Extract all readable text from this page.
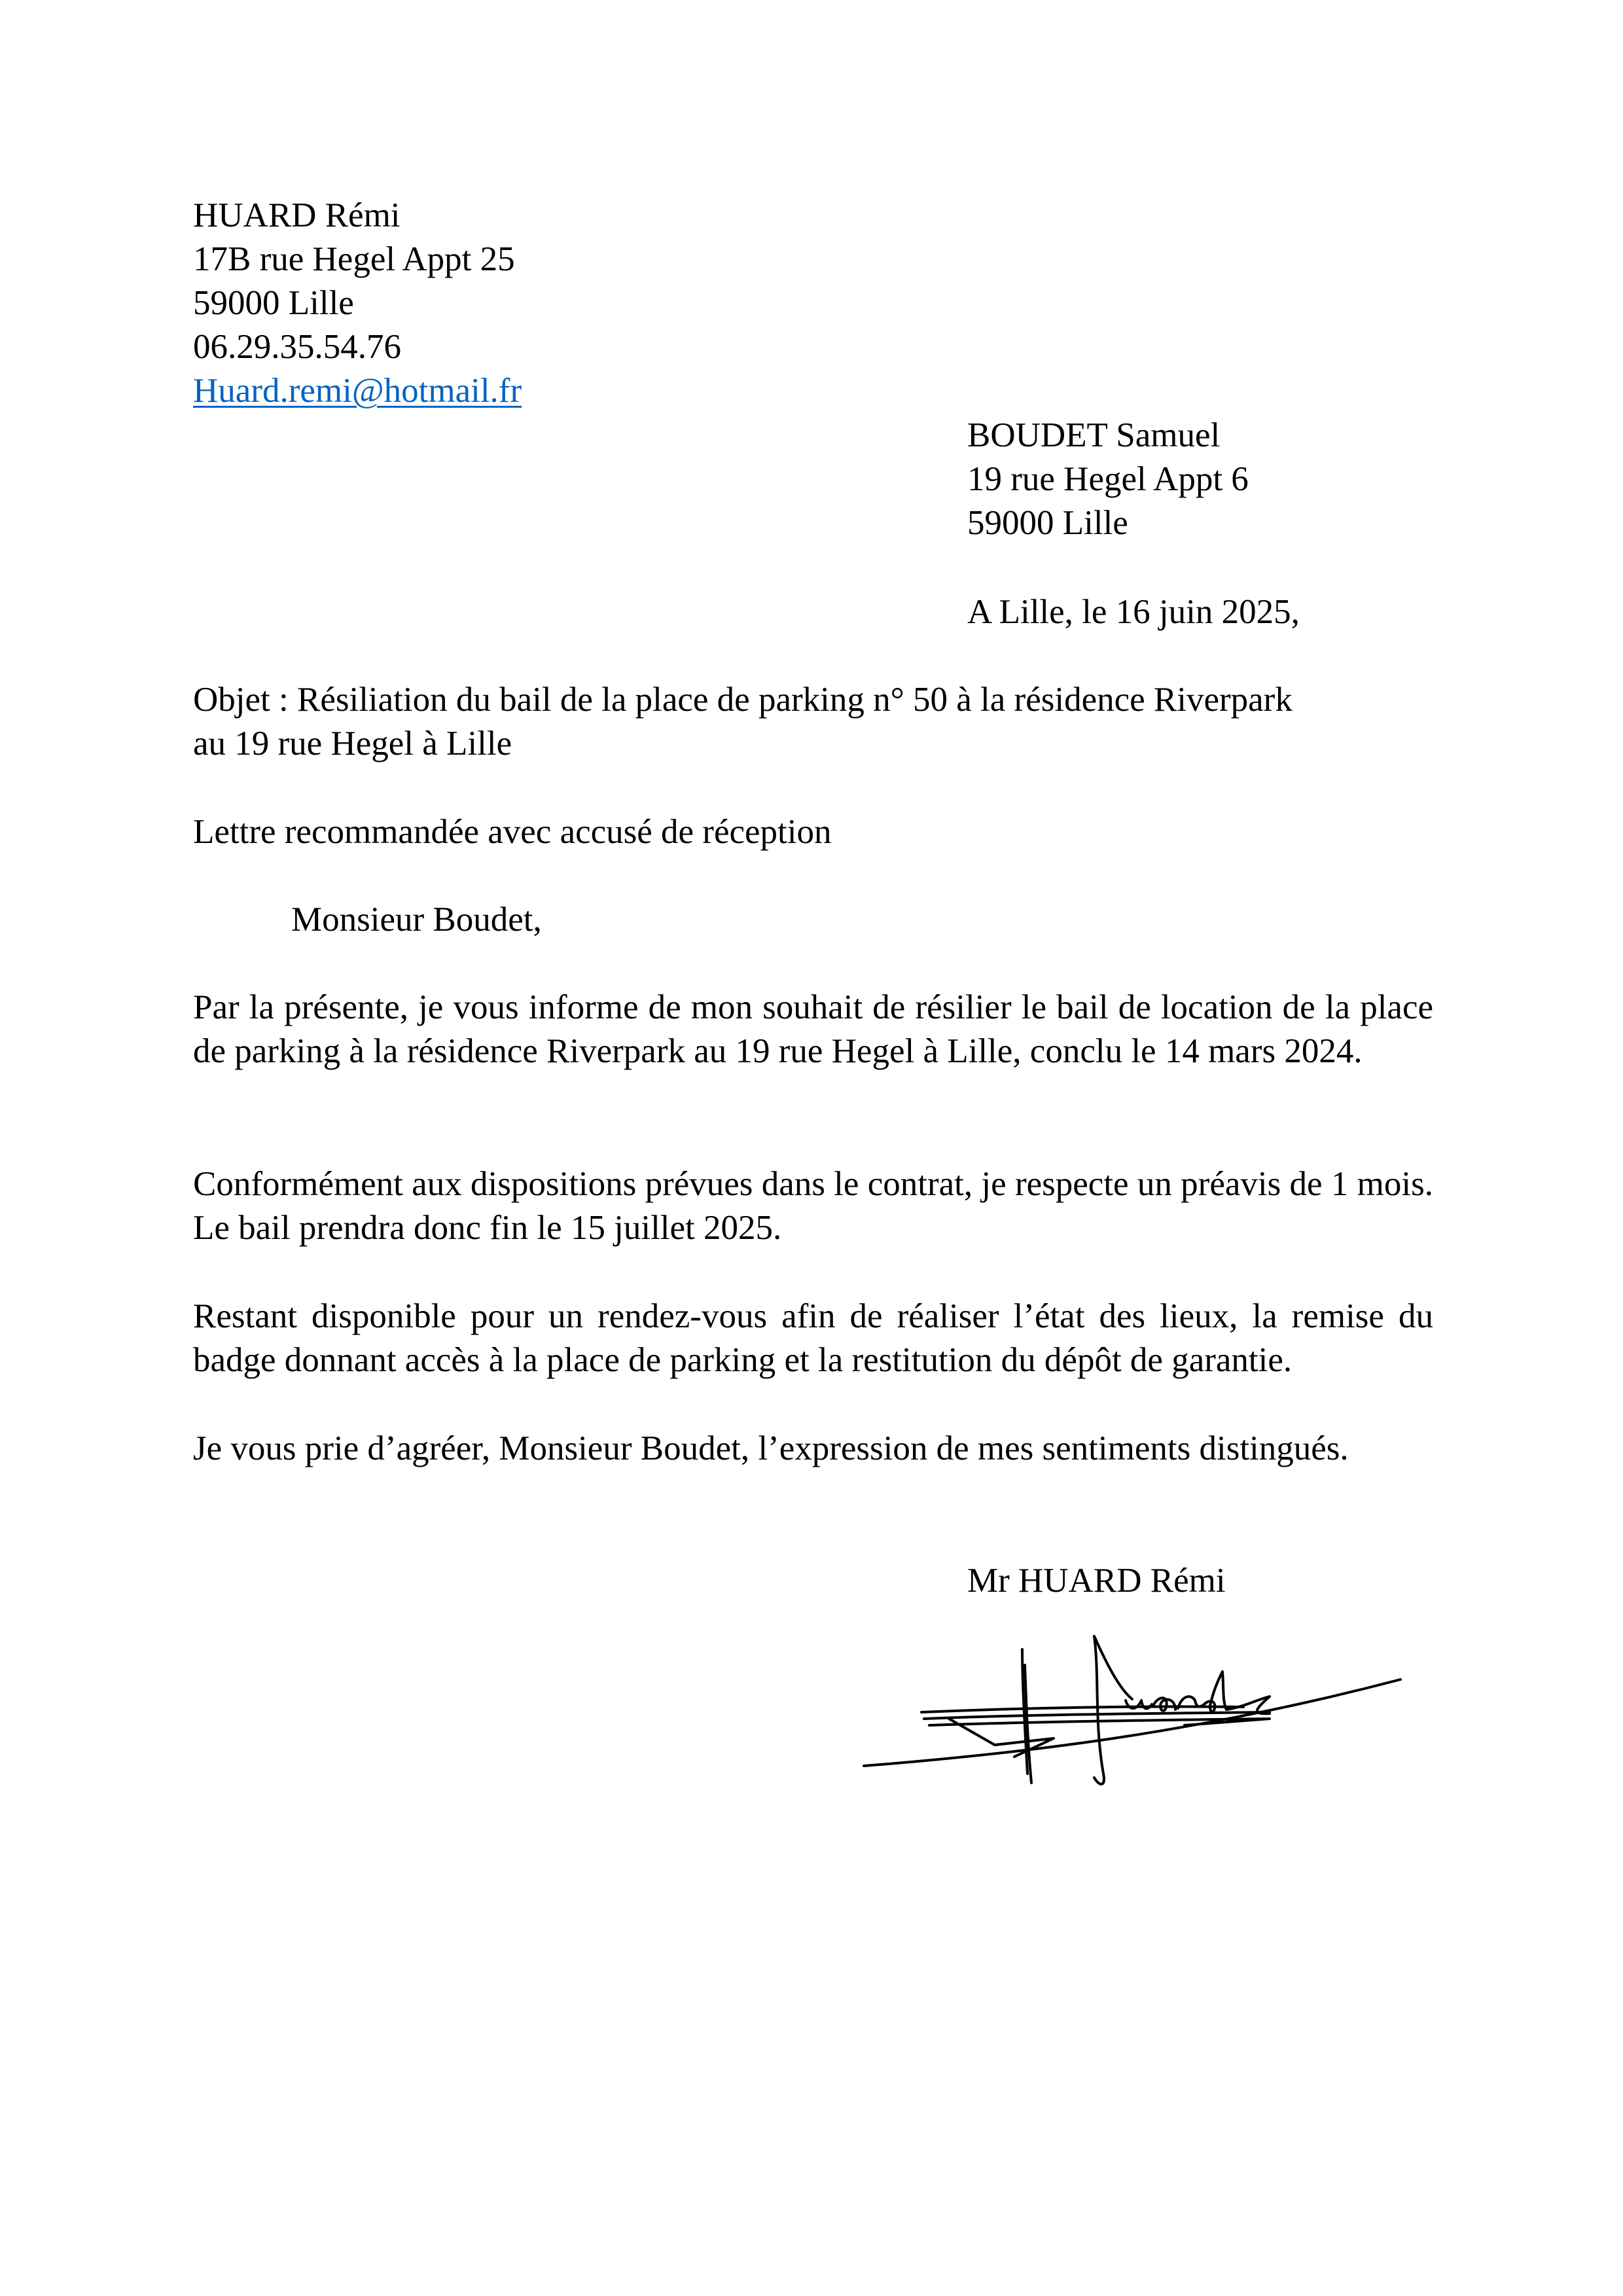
HUARD Rémi
17B rue Hegel Appt 25
59000 Lille
06.29.35.54.76
Huard.remi@hotmail.fr
BOUDET Samuel
19 rue Hegel Appt 6
59000 Lille
A Lille, le 16 juin 2025,
Objet : Résiliation du bail de la place de parking n° 50 à la résidence Riverpark
au 19 rue Hegel à Lille
Lettre recommandée avec accusé de réception
Monsieur Boudet,

Par la présente, je vous informe de mon souhait de résilier le bail de location de la place de parking à la résidence Riverpark au 19 rue Hegel à Lille, conclu le 14 mars 2024.

Conformément aux dispositions prévues dans le contrat, je respecte un préavis de 1 mois. Le bail prendra donc fin le 15 juillet 2025.

Restant disponible pour un rendez-vous afin de réaliser l’état des lieux, la remise du badge donnant accès à la place de parking et la restitution du dépôt de garantie.

Je vous prie d’agréer, Monsieur Boudet, l’expression de mes sentiments distingués.

Mr HUARD Rémi
